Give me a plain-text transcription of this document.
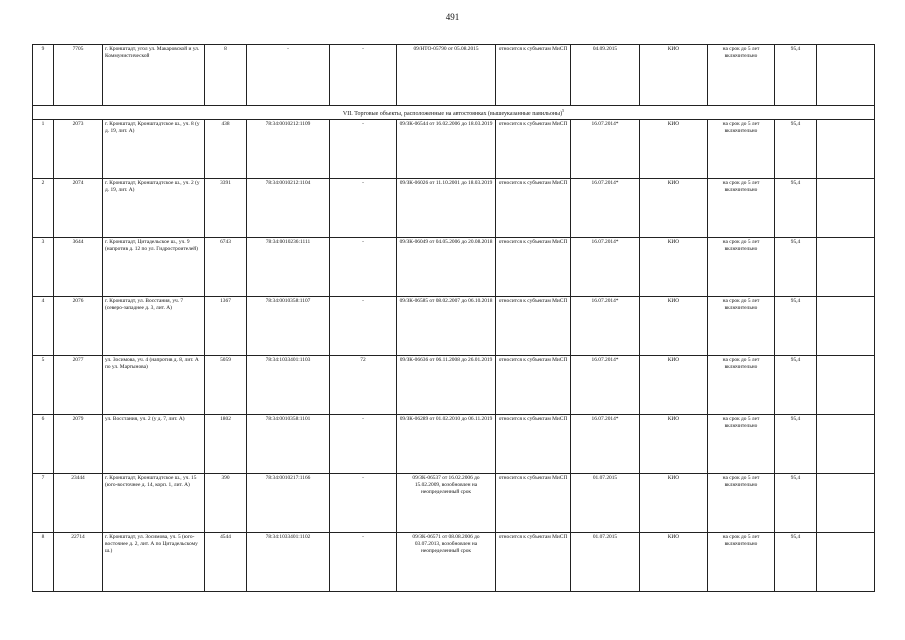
491
9	7705	г. Кронштадт, угол ул. Макаровской и ул. Коммунистической	8	-	-	09/НТО-05790 от 05.08.2015	относится к субъектам МиСП	04.09.2015	КИО	на срок до 5 лет включительно	95,4	
VII. Торговые объекты, расположенные на автостоянках (вышеуказанные павильоны)$^5$
1	2073	г. Кронштадт, Кронштадтское ш., уч. 8 (у д. 19, лит. А)	438	78:34:0010212:1109	-	09/ЗК-06544 от 16.02.2006 до 18.03.2019	относится к субъектам МиСП	16.07.2014*	КИО	на срок до 5 лет включительно	95,4	
2	2074	г. Кронштадт, Кронштадтское ш., уч. 2 (у д. 19, лит. А)	3391	78:34:0010212:1104	-	09/ЗК-06026 от 11.10.2001 до 18.03.2019	относится к субъектам МиСП	16.07.2014*	КИО	на срок до 5 лет включительно	95,4	
3	3644	г. Кронштадт, Цитадельское ш., уч. 9 (напротив д. 12 по ул. Гидростроителей)	6743	78:34:0010236:1111	-	09/ЗК-06049 от 04.05.2006 до 20.08.2018	относится к субъектам МиСП	16.07.2014*	КИО	на срок до 5 лет включительно	95,4	
4	2076	г. Кронштадт, ул. Восстания, уч. 7 (северо-западнее д. 3, лит. А)	1367	78:34:0010358:1107	-	09/ЗК-06585 от 08.02.2007 до 06.10.2018	относится к субъектам МиСП	16.07.2014*	КИО	на срок до 5 лет включительно	95,4	
5	2077	ул. Зосимова, уч. 4 (напротив д. 8, лит. А по ул. Мартынова)	5059	78:34:1033401:1103	72	09/ЗК-06636 от 06.11.2008 до 26.01.2019	относится к субъектам МиСП	16.07.2014*	КИО	на срок до 5 лет включительно	95,4	
6	2079	ул. Восстания, уч. 2 (у д. 7, лит. А)	1802	78:34:0010358:1101	-	09/ЗК-06289 от 01.02.2010 до 06.11.2019	относится к субъектам МиСП	16.07.2014*	КИО	на срок до 5 лет включительно	95,4	
7	23444	г. Кронштадт, Кронштадтское ш., уч. 15 (юго-восточнее д. 14, корп. 1, лит. А)	390	78:34:0010217:1166	-	09/ЗК-06537 от 16.02.2006 до 15.02.2009, возобновлен на неопределенный срок	относится к субъектам МиСП	01.07.2015	КИО	на срок до 5 лет включительно	95,4	
8	22714	г. Кронштадт, ул. Зосимова, уч. 5 (юго-восточнее д. 2, лит. А по Цитадельскому ш.)	4544	78:34:1033401:1102	-	09/ЗК-06571 от 08.08.2006 до 03.07.2013, возобновлен на неопределенный срок	относится к субъектам МиСП	01.07.2015	КИО	на срок до 5 лет включительно	95,4	
